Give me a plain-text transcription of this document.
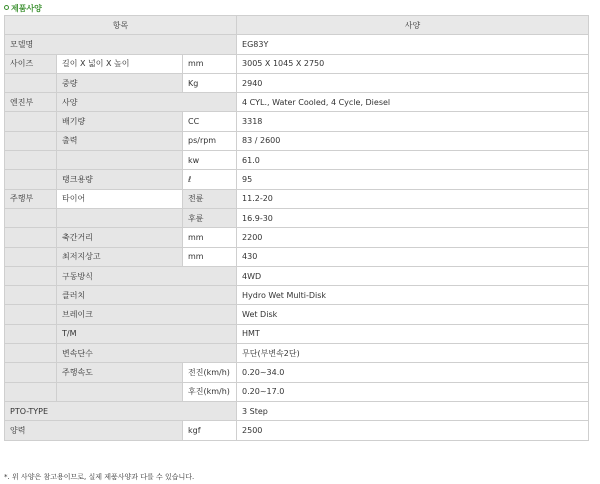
제품사양
항목			사양
모델명			EG83Y
사이즈	길이 X 넓이 X 높이	mm	3005 X 1045 X 2750
	중량	Kg	2940
엔진부	사양		4 CYL., Water Cooled, 4 Cycle, Diesel
	배기량	CC	3318
	출력	ps/rpm	83 / 2600
		kw	61.0
	탱크용량	ℓ	95
주행부	타이어	전륜	11.2-20
		후륜	16.9-30
	축간거리	mm	2200
	최저지상고	mm	430
	구동방식		4WD
	클러치		Hydro Wet Multi-Disk
	브레이크		Wet Disk
	T/M		HMT
	변속단수		무단(부변속2단)
	주행속도	전진(km/h)	0.20~34.0
		후진(km/h)	0.20~17.0
PTO-TYPE			3 Step
양력		kgf	2500
*. 위 사양은 참고용이므로, 실제 제품사양과 다를 수 있습니다.
